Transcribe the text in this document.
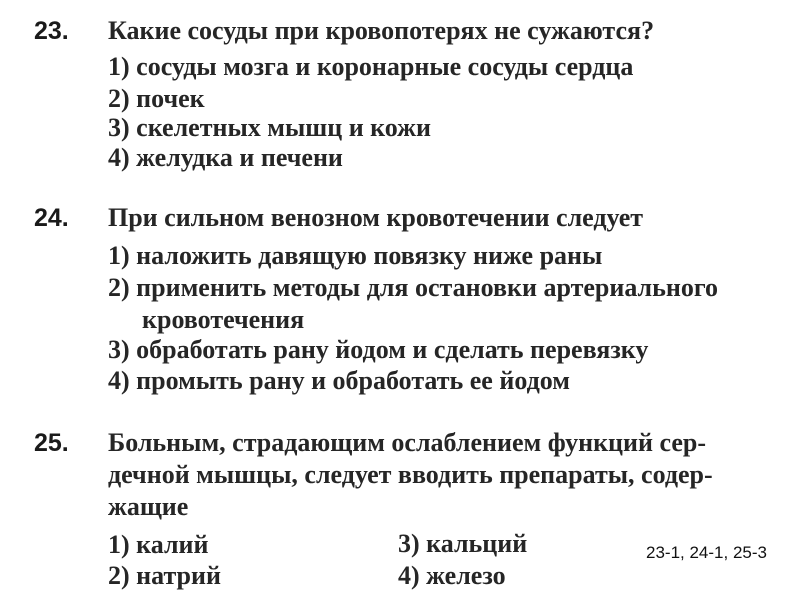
23. Какие сосуды при кровопотерях не сужаются?
1) сосуды мозга и коронарные сосуды сердца
2) почек
3) скелетных мышц и кожи
4) желудка и печени
24. При сильном венозном кровотечении следует
1) наложить давящую повязку ниже раны
2) применить методы для остановки артериального
кровотечения
3) обработать рану йодом и сделать перевязку
4) промыть рану и обработать ее йодом
25. Больным, страдающим ослаблением функций сер-
дечной мышцы, следует вводить препараты, содер-
жащие
1) калий
2) натрий
3) кальций
4) железо
23-1, 24-1, 25-3
